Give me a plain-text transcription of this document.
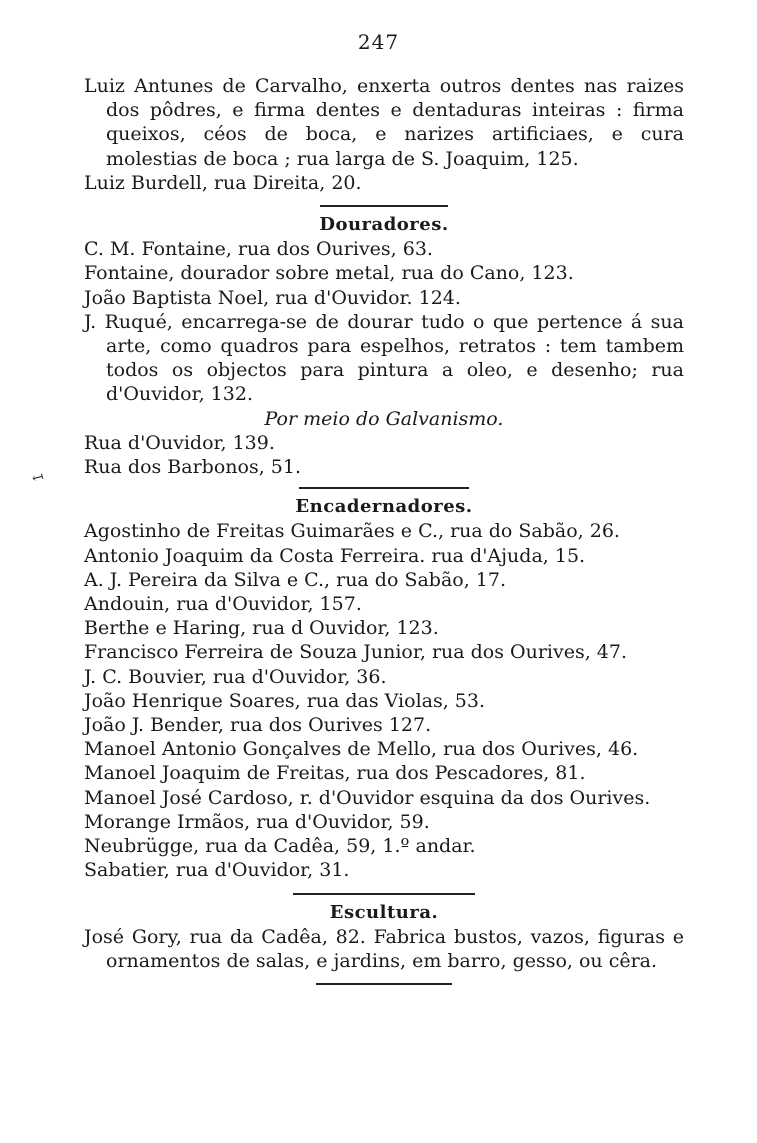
247
↤

Luiz Antunes de Carvalho, enxerta outros dentes nas raizes dos pôdres, e firma dentes e dentaduras inteiras : firma queixos, céos de boca, e narizes artificiaes, e cura molestias de boca ; rua larga de S. Joaquim, 125.

Luiz Burdell, rua Direita, 20.

Douradores.

C. M. Fontaine, rua dos Ourives, 63.

Fontaine, dourador sobre metal, rua do Cano, 123.

João Baptista Noel, rua d'Ouvidor. 124.

J. Ruqué, encarrega-se de dourar tudo o que pertence á sua arte, como quadros para espelhos, retratos : tem tambem todos os objectos para pintura a oleo, e desenho; rua d'Ouvidor, 132.

Por meio do Galvanismo.

Rua d'Ouvidor, 139.

Rua dos Barbonos, 51.

Encadernadores.

Agostinho de Freitas Guimarães e C., rua do Sabão, 26.

Antonio Joaquim da Costa Ferreira. rua d'Ajuda, 15.

A. J. Pereira da Silva e C., rua do Sabão, 17.

Andouin, rua d'Ouvidor, 157.

Berthe e Haring, rua d Ouvidor, 123.

Francisco Ferreira de Souza Junior, rua dos Ourives, 47.

J. C. Bouvier, rua d'Ouvidor, 36.

João Henrique Soares, rua das Violas, 53.

João J. Bender, rua dos Ourives 127.

Manoel Antonio Gonçalves de Mello, rua dos Ourives, 46.

Manoel Joaquim de Freitas, rua dos Pescadores, 81.

Manoel José Cardoso, r. d'Ouvidor esquina da dos Ourives.

Morange Irmãos, rua d'Ouvidor, 59.

Neubrügge, rua da Cadêa, 59, 1.º andar.

Sabatier, rua d'Ouvidor, 31.

Escultura.

José Gory, rua da Cadêa, 82. Fabrica bustos, vazos, figuras e ornamentos de salas, e jardins, em barro, gesso, ou cêra.
